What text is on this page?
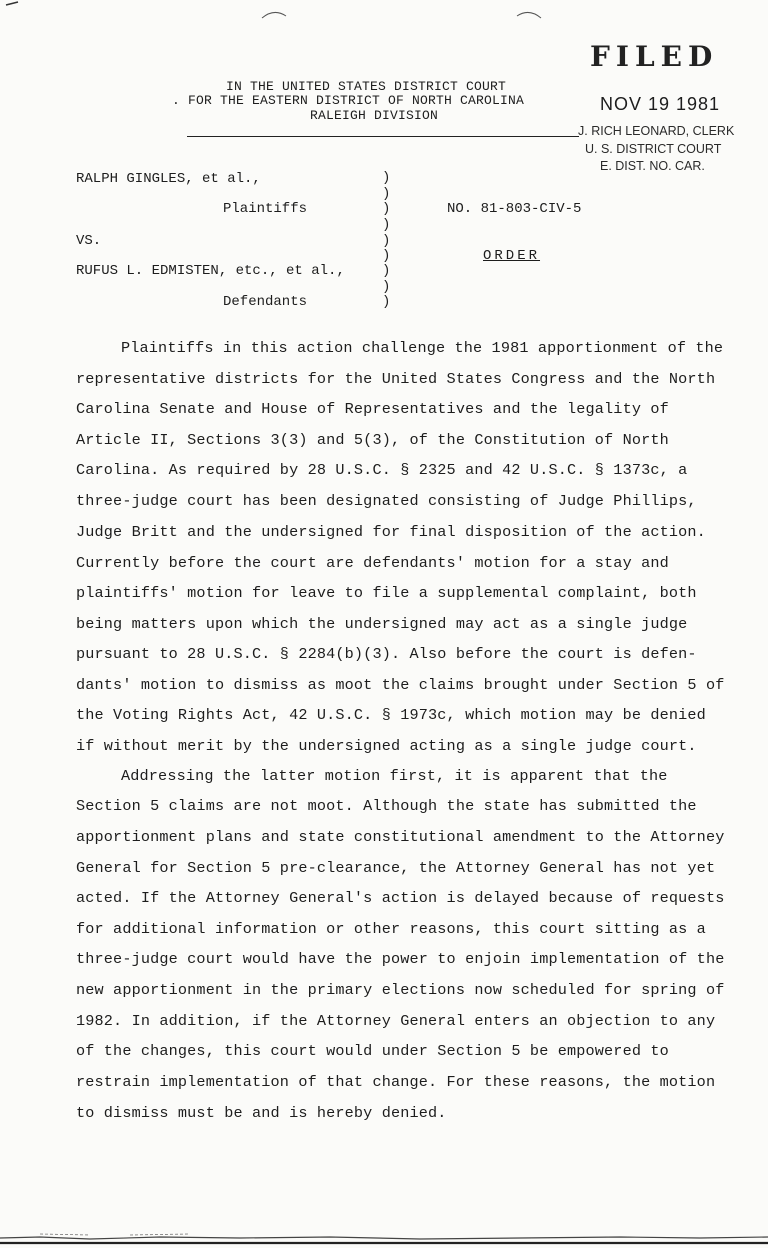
FILED
NOV 19 1981
J. RICH LEONARD, CLERK
U. S. DISTRICT COURT
E. DIST. NO. CAR.
IN THE UNITED STATES DISTRICT COURT
. FOR THE EASTERN DISTRICT OF NORTH CAROLINA
RALEIGH DIVISION
RALPH GINGLES, et al.,
Plaintiffs
VS.
RUFUS L. EDMISTEN, etc., et al.,
Defendants
)
)
)
)
)
)
)
)
)
NO. 81-803-CIV-5
ORDER
Plaintiffs in this action challenge the 1981 apportionment of the
representative districts for the United States Congress and the North
Carolina Senate and House of Representatives and the legality of
Article II, Sections 3(3) and 5(3), of the Constitution of North
Carolina. As required by 28 U.S.C. § 2325 and 42 U.S.C. § 1373c, a
three-judge court has been designated consisting of Judge Phillips,
Judge Britt and the undersigned for final disposition of the action.
Currently before the court are defendants' motion for a stay and
plaintiffs' motion for leave to file a supplemental complaint, both
being matters upon which the undersigned may act as a single judge
pursuant to 28 U.S.C. § 2284(b)(3). Also before the court is defen-
dants' motion to dismiss as moot the claims brought under Section 5 of
the Voting Rights Act, 42 U.S.C. § 1973c, which motion may be denied
if without merit by the undersigned acting as a single judge court.
Addressing the latter motion first, it is apparent that the
Section 5 claims are not moot. Although the state has submitted the
apportionment plans and state constitutional amendment to the Attorney
General for Section 5 pre-clearance, the Attorney General has not yet
acted. If the Attorney General's action is delayed because of requests
for additional information or other reasons, this court sitting as a
three-judge court would have the power to enjoin implementation of the
new apportionment in the primary elections now scheduled for spring of
1982. In addition, if the Attorney General enters an objection to any
of the changes, this court would under Section 5 be empowered to
restrain implementation of that change. For these reasons, the motion
to dismiss must be and is hereby denied.
